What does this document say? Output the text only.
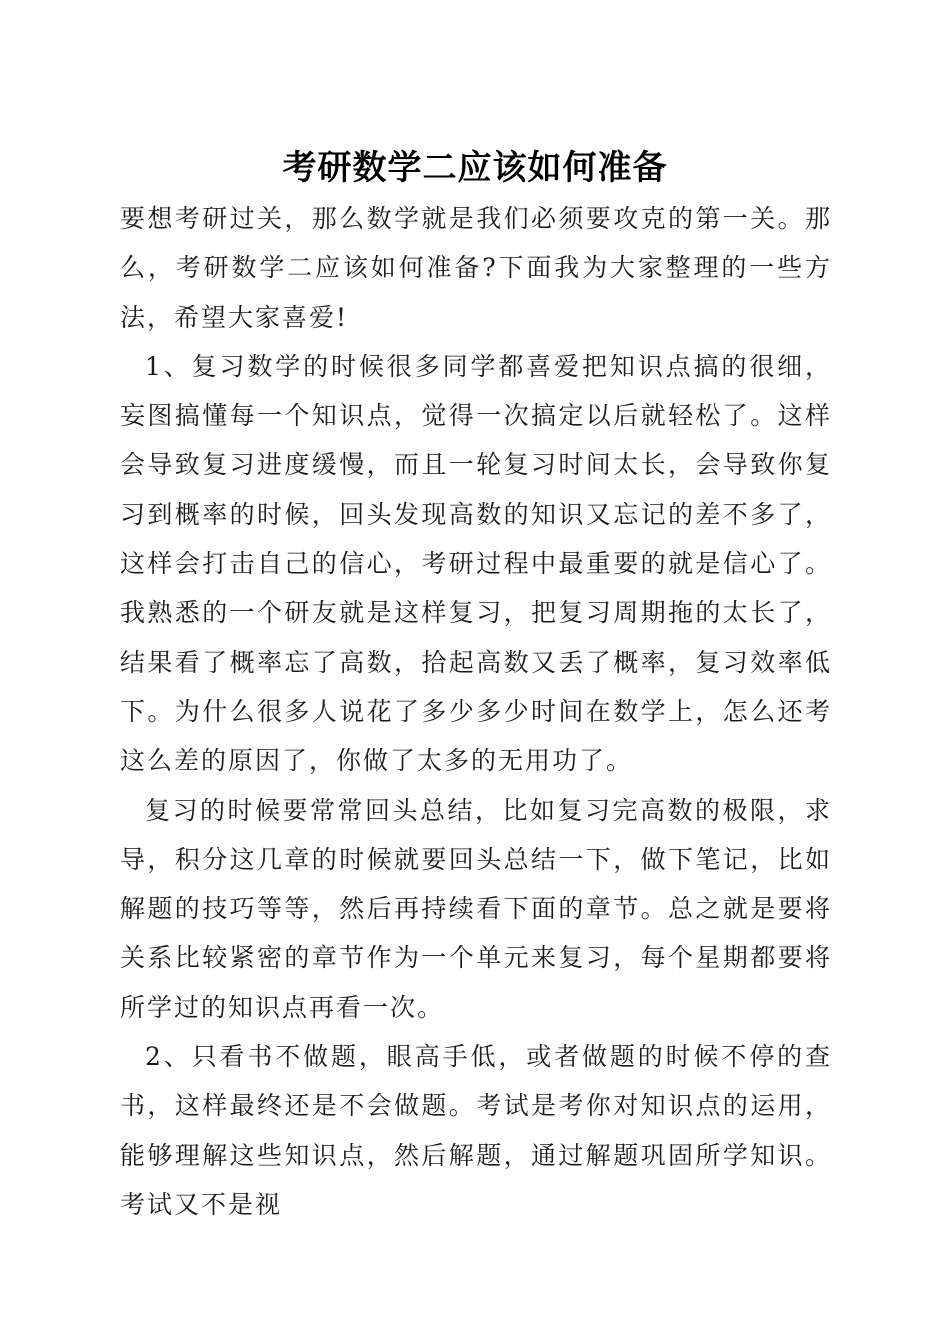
考研数学二应该如何准备

要想考研过关，那么数学就是我们必须要攻克的第一关。那么，考研数学二应该如何准备?下面我为大家整理的一些方法，希望大家喜爱!

1、复习数学的时候很多同学都喜爱把知识点搞的很细，妄图搞懂每一个知识点，觉得一次搞定以后就轻松了。这样会导致复习进度缓慢，而且一轮复习时间太长，会导致你复习到概率的时候，回头发现高数的知识又忘记的差不多了，这样会打击自己的信心，考研过程中最重要的就是信心了。我熟悉的一个研友就是这样复习，把复习周期拖的太长了，结果看了概率忘了高数，拾起高数又丢了概率，复习效率低下。为什么很多人说花了多少多少时间在数学上，怎么还考这么差的原因了，你做了太多的无用功了。

复习的时候要常常回头总结，比如复习完高数的极限，求导，积分这几章的时候就要回头总结一下，做下笔记，比如解题的技巧等等，然后再持续看下面的章节。总之就是要将关系比较紧密的章节作为一个单元来复习，每个星期都要将所学过的知识点再看一次。

2、只看书不做题，眼高手低，或者做题的时候不停的查书，这样最终还是不会做题。考试是考你对知识点的运用，能够理解这些知识点，然后解题，通过解题巩固所学知识。考试又不是视
